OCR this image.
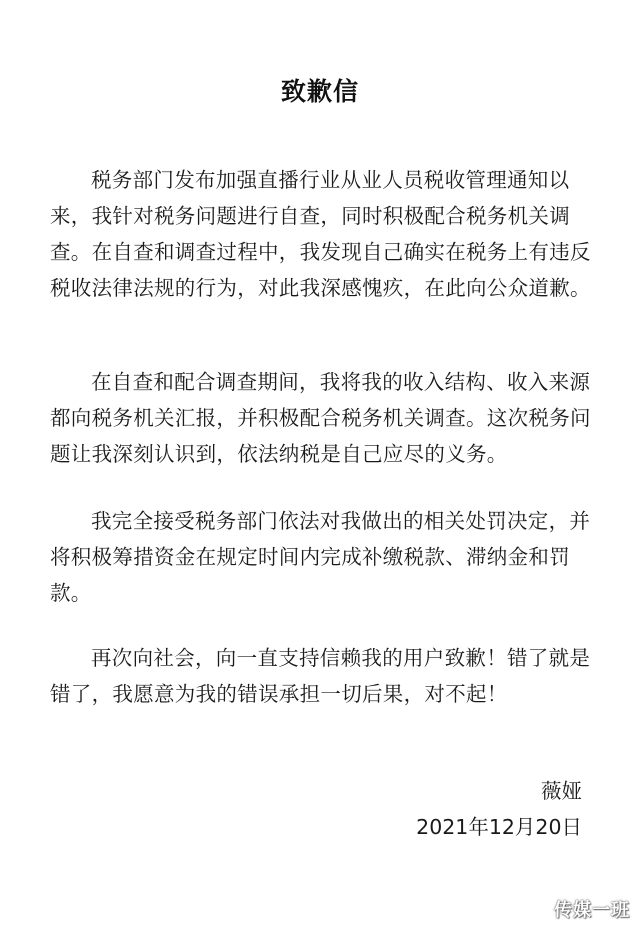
致歉信

税务部门发布加强直播行业从业人员税收管理通知以来，我针对税务问题进行自查，同时积极配合税务机关调查。在自查和调查过程中，我发现自己确实在税务上有违反税收法律法规的行为，对此我深感愧疚，在此向公众道歉。

在自查和配合调查期间，我将我的收入结构、收入来源都向税务机关汇报，并积极配合税务机关调查。这次税务问题让我深刻认识到，依法纳税是自己应尽的义务。

我完全接受税务部门依法对我做出的相关处罚决定，并将积极筹措资金在规定时间内完成补缴税款、滞纳金和罚款。

再次向社会，向一直支持信赖我的用户致歉！错了就是错了，我愿意为我的错误承担一切后果，对不起！

薇娅
2021年12月20日
传媒一班
